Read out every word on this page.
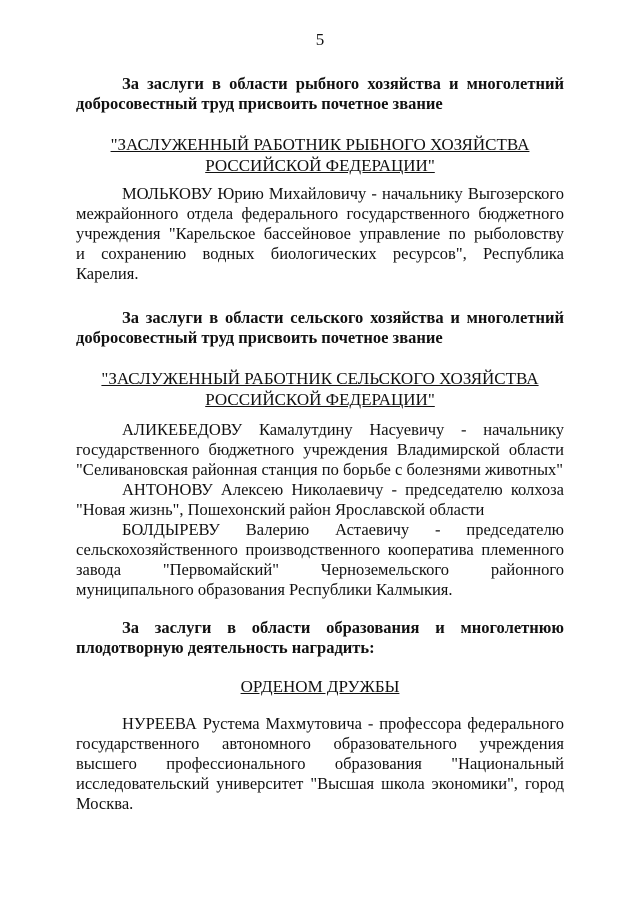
5

За заслуги в области рыбного хозяйства и многолетний
добросовестный труд присвоить почетное звание

"ЗАСЛУЖЕННЫЙ РАБОТНИК РЫБНОГО ХОЗЯЙСТВА
РОССИЙСКОЙ ФЕДЕРАЦИИ"

МОЛЬКОВУ Юрию Михайловичу - начальнику Выгозерского
межрайонного отдела федерального государственного бюджетного
учреждения "Карельское бассейновое управление по рыболовству
и сохранению водных биологических ресурсов", Республика Карелия.

За заслуги в области сельского хозяйства и многолетний
добросовестный труд присвоить почетное звание

"ЗАСЛУЖЕННЫЙ РАБОТНИК СЕЛЬСКОГО ХОЗЯЙСТВА
РОССИЙСКОЙ ФЕДЕРАЦИИ"

АЛИКЕБЕДОВУ Камалутдину Насуевичу - начальнику
государственного бюджетного учреждения Владимирской области
"Селивановская районная станция по борьбе с болезнями животных"

АНТОНОВУ Алексею Николаевичу - председателю колхоза
"Новая жизнь", Пошехонский район Ярославской области

БОЛДЫРЕВУ Валерию Астаевичу - председателю
сельскохозяйственного производственного кооператива племенного
завода "Первомайский" Черноземельского районного
муниципального образования Республики Калмыкия.

За заслуги в области образования и многолетнюю
плодотворную деятельность наградить:

ОРДЕНОМ ДРУЖБЫ

НУРЕЕВА Рустема Махмутовича - профессора федерального
государственного автономного образовательного учреждения
высшего профессионального образования "Национальный
исследовательский университет "Высшая школа экономики", город
Москва.
